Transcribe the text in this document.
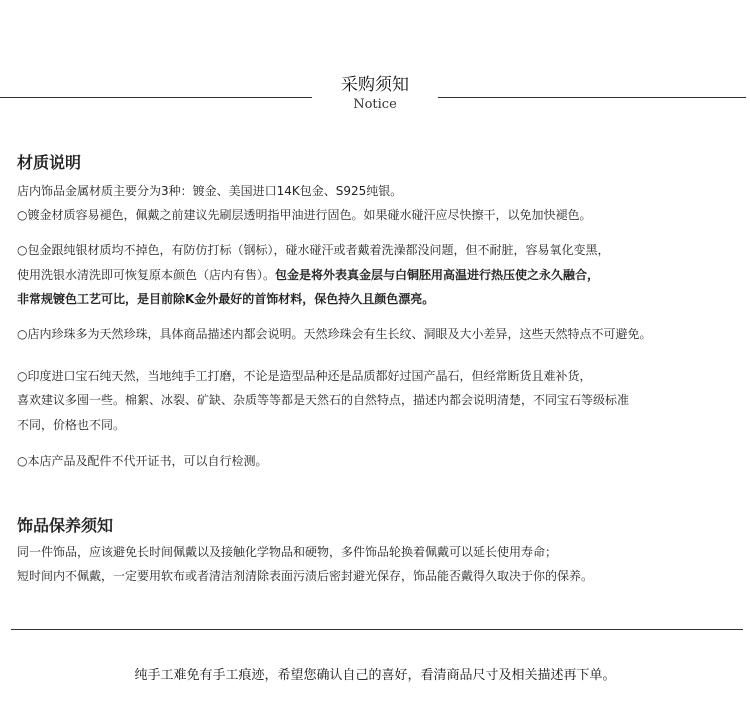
采购须知
Notice
材质说明
店内饰品金属材质主要分为3种：镀金、美国进口14K包金、S925纯银。
○镀金材质容易褪色，佩戴之前建议先刷层透明指甲油进行固色。如果碰水碰汗应尽快擦干，以免加快褪色。
○包金跟纯银材质均不掉色，有防仿打标（钢标），碰水碰汗或者戴着洗澡都没问题，但不耐脏，容易氧化变黑，
使用洗银水清洗即可恢复原本颜色（店内有售）。包金是将外表真金层与白铜胚用高温进行热压使之永久融合，
非常规镀色工艺可比，是目前除K金外最好的首饰材料，保色持久且颜色漂亮。
○店内珍珠多为天然珍珠，具体商品描述内都会说明。天然珍珠会有生长纹、洞眼及大小差异，这些天然特点不可避免。
○印度进口宝石纯天然，当地纯手工打磨，不论是造型品种还是品质都好过国产晶石，但经常断货且难补货，
喜欢建议多囤一些。棉絮、冰裂、矿缺、杂质等等都是天然石的自然特点，描述内都会说明清楚，不同宝石等级标准
不同，价格也不同。
○本店产品及配件不代开证书，可以自行检测。
饰品保养须知
同一件饰品，应该避免长时间佩戴以及接触化学物品和硬物，多件饰品轮换着佩戴可以延长使用寿命；
短时间内不佩戴，一定要用软布或者清洁剂清除表面污渍后密封避光保存，饰品能否戴得久取决于你的保养。
纯手工难免有手工痕迹，希望您确认自己的喜好，看清商品尺寸及相关描述再下单。
